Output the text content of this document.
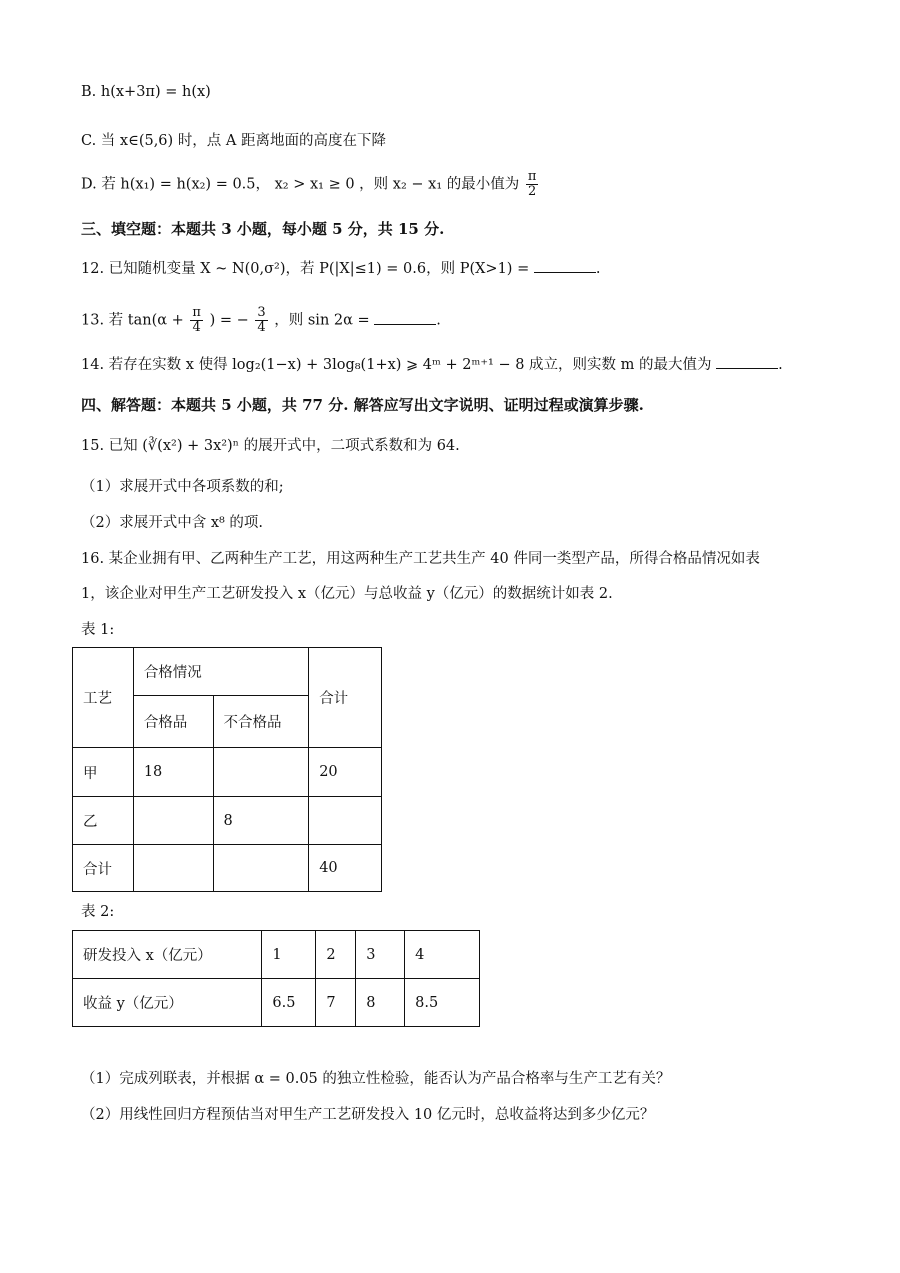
B. h(x+3π) = h(x)
C. 当 x∈(5,6) 时，点 A 距离地面的高度在下降
D. 若 h(x₁) = h(x₂) = 0.5， x₂ > x₁ ≥ 0 ，则 x₂ − x₁ 的最小值为 $\frac{\pi}{2}$
三、填空题：本题共 3 小题，每小题 5 分，共 15 分.
12. 已知随机变量 X ~ N(0,σ²)，若 P(|X|≤1) = 0.6，则 P(X>1) =	.
13. 若 $\tan(\alpha + \frac{\pi}{4}$ ) = − $\frac{3}{4}$ ，则 sin 2α =	.
14. 若存在实数 x 使得 log₂(1−x) + 3log₈(1+x) ⩾ 4ᵐ + 2ᵐ⁺¹ − 8 成立，则实数 m 的最大值为	.
四、解答题：本题共 5 小题，共 77 分. 解答应写出文字说明、证明过程或演算步骤.
15. 已知 (∛(x²) + 3x²)ⁿ 的展开式中，二项式系数和为 64.
（1）求展开式中各项系数的和;
（2）求展开式中含 x⁸ 的项.
16. 某企业拥有甲、乙两种生产工艺，用这两种生产工艺共生产 40 件同一类型产品，所得合格品情况如表
1，该企业对甲生产工艺研发投入 x（亿元）与总收益 y（亿元）的数据统计如表 2.
表 1:
工艺	合格情况		合计
	合格品	不合格品	
甲	18		20
乙		8	
合计			40
表 2:
研发投入 x（亿元）	1	2	3	4
收益 y（亿元）	6.5	7	8	8.5
（1）完成列联表，并根据 α = 0.05 的独立性检验，能否认为产品合格率与生产工艺有关？
（2）用线性回归方程预估当对甲生产工艺研发投入 10 亿元时，总收益将达到多少亿元？
